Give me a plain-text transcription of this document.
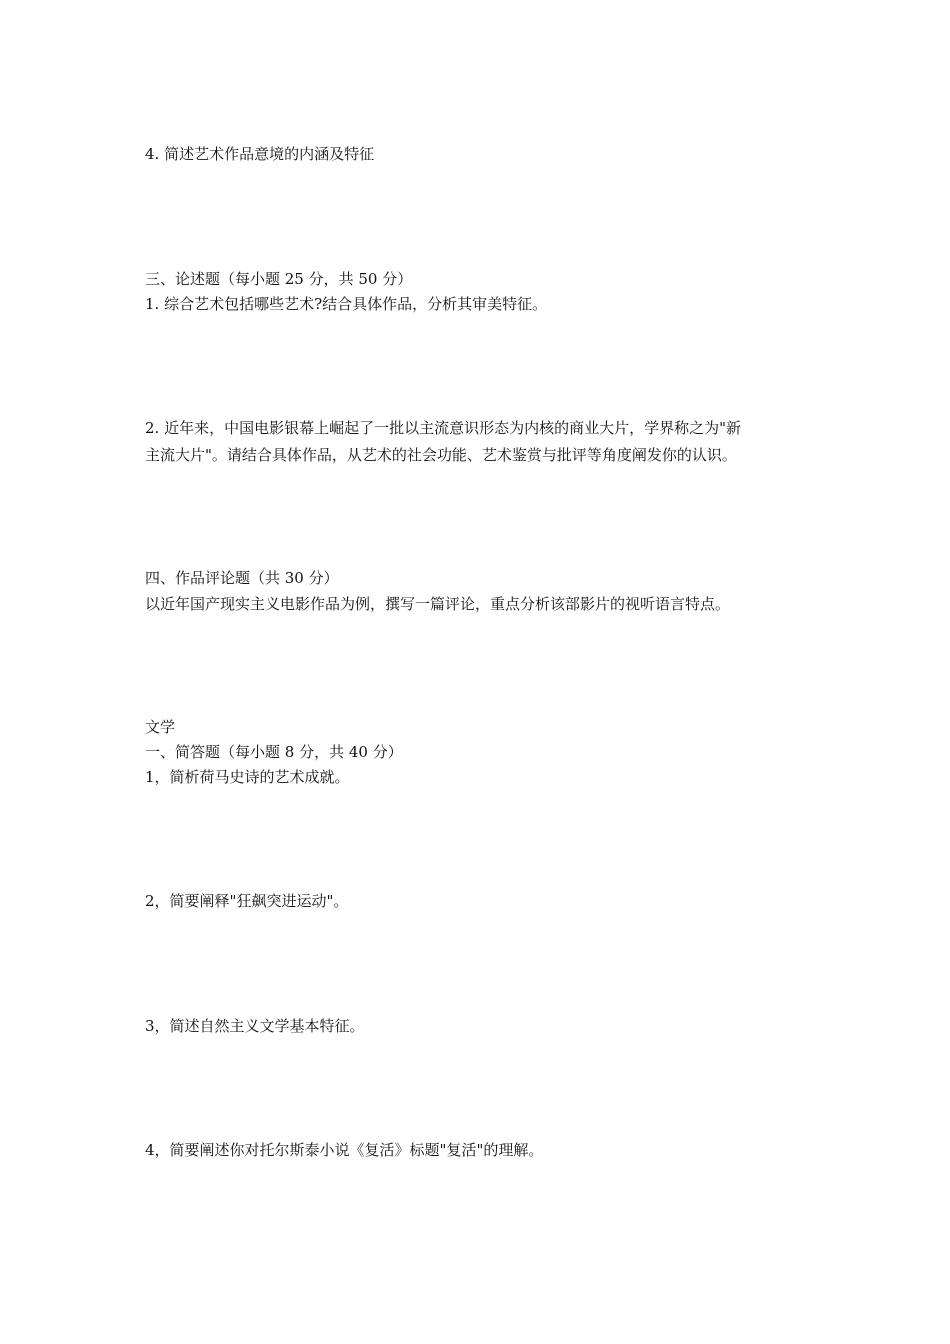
4. 简述艺术作品意境的内涵及特征
三、论述题（每小题 25 分，共 50 分）
1. 综合艺术包括哪些艺术?结合具体作品，分析其审美特征。
2. 近年来，中国电影银幕上崛起了一批以主流意识形态为内核的商业大片，学界称之为"新
主流大片"。请结合具体作品，从艺术的社会功能、艺术鉴赏与批评等角度阐发你的认识。
四、作品评论题（共 30 分）
以近年国产现实主义电影作品为例，撰写一篇评论，重点分析该部影片的视听语言特点。
文学
一、简答题（每小题 8 分，共 40 分）
1，简析荷马史诗的艺术成就。
2，简要阐释"狂飙突进运动"。
3，简述自然主义文学基本特征。
4，简要阐述你对托尔斯泰小说《复活》标题"复活"的理解。
